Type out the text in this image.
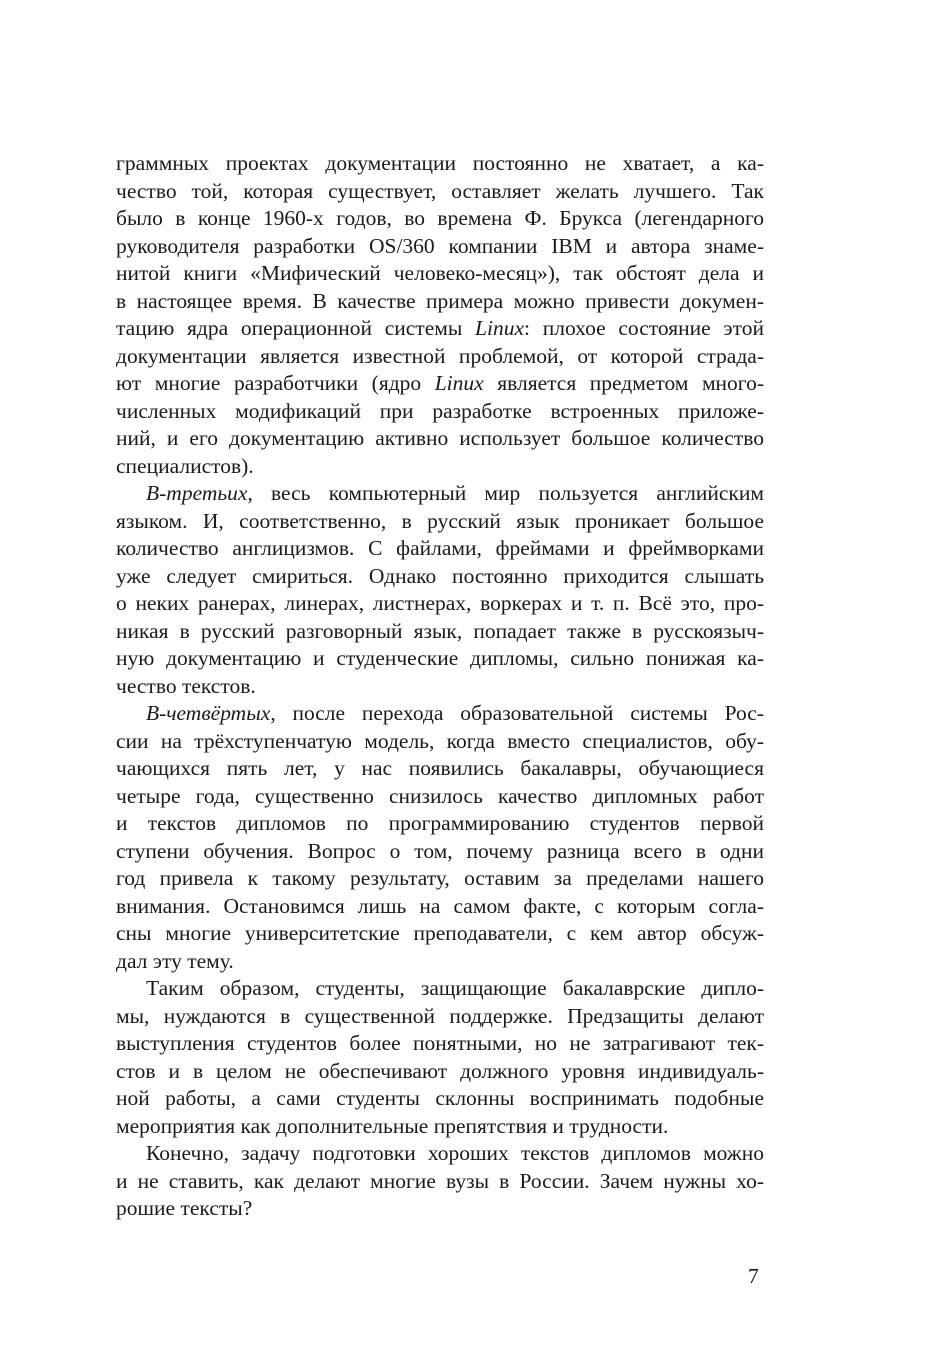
граммных проектах документации постоянно не хватает, а ка-
чество той, которая существует, оставляет желать лучшего. Так
было в конце 1960-х годов, во времена Ф. Брукса (легендарного
руководителя разработки OS/360 компании IBM и автора знаме-
нитой книги «Мифический человеко-месяц»), так обстоят дела и
в настоящее время. В качестве примера можно привести докумен-
тацию ядра операционной системы Linux: плохое состояние этой
документации является известной проблемой, от которой страда-
ют многие разработчики (ядро Linux является предметом много-
численных модификаций при разработке встроенных приложе-
ний, и его документацию активно использует большое количество
специалистов).

В-третьих, весь компьютерный мир пользуется английским
языком. И, соответственно, в русский язык проникает большое
количество англицизмов. С файлами, фреймами и фреймворками
уже следует смириться. Однако постоянно приходится слышать
о неких ранерах, линерах, листнерах, воркерах и т. п. Всё это, про-
никая в русский разговорный язык, попадает также в русскоязыч-
ную документацию и студенческие дипломы, сильно понижая ка-
чество текстов.

В-четвёртых, после перехода образовательной системы Рос-
сии на трёхступенчатую модель, когда вместо специалистов, обу-
чающихся пять лет, у нас появились бакалавры, обучающиеся
четыре года, существенно снизилось качество дипломных работ
и текстов дипломов по программированию студентов первой
ступени обучения. Вопрос о том, почему разница всего в одни
год привела к такому результату, оставим за пределами нашего
внимания. Остановимся лишь на самом факте, с которым согла-
сны многие университетские преподаватели, с кем автор обсуж-
дал эту тему.

Таким образом, студенты, защищающие бакалаврские дипло-
мы, нуждаются в существенной поддержке. Предзащиты делают
выступления студентов более понятными, но не затрагивают тек-
стов и в целом не обеспечивают должного уровня индивидуаль-
ной работы, а сами студенты склонны воспринимать подобные
мероприятия как дополнительные препятствия и трудности.

Конечно, задачу подготовки хороших текстов дипломов можно
и не ставить, как делают многие вузы в России. Зачем нужны хо-
рошие тексты?

7
